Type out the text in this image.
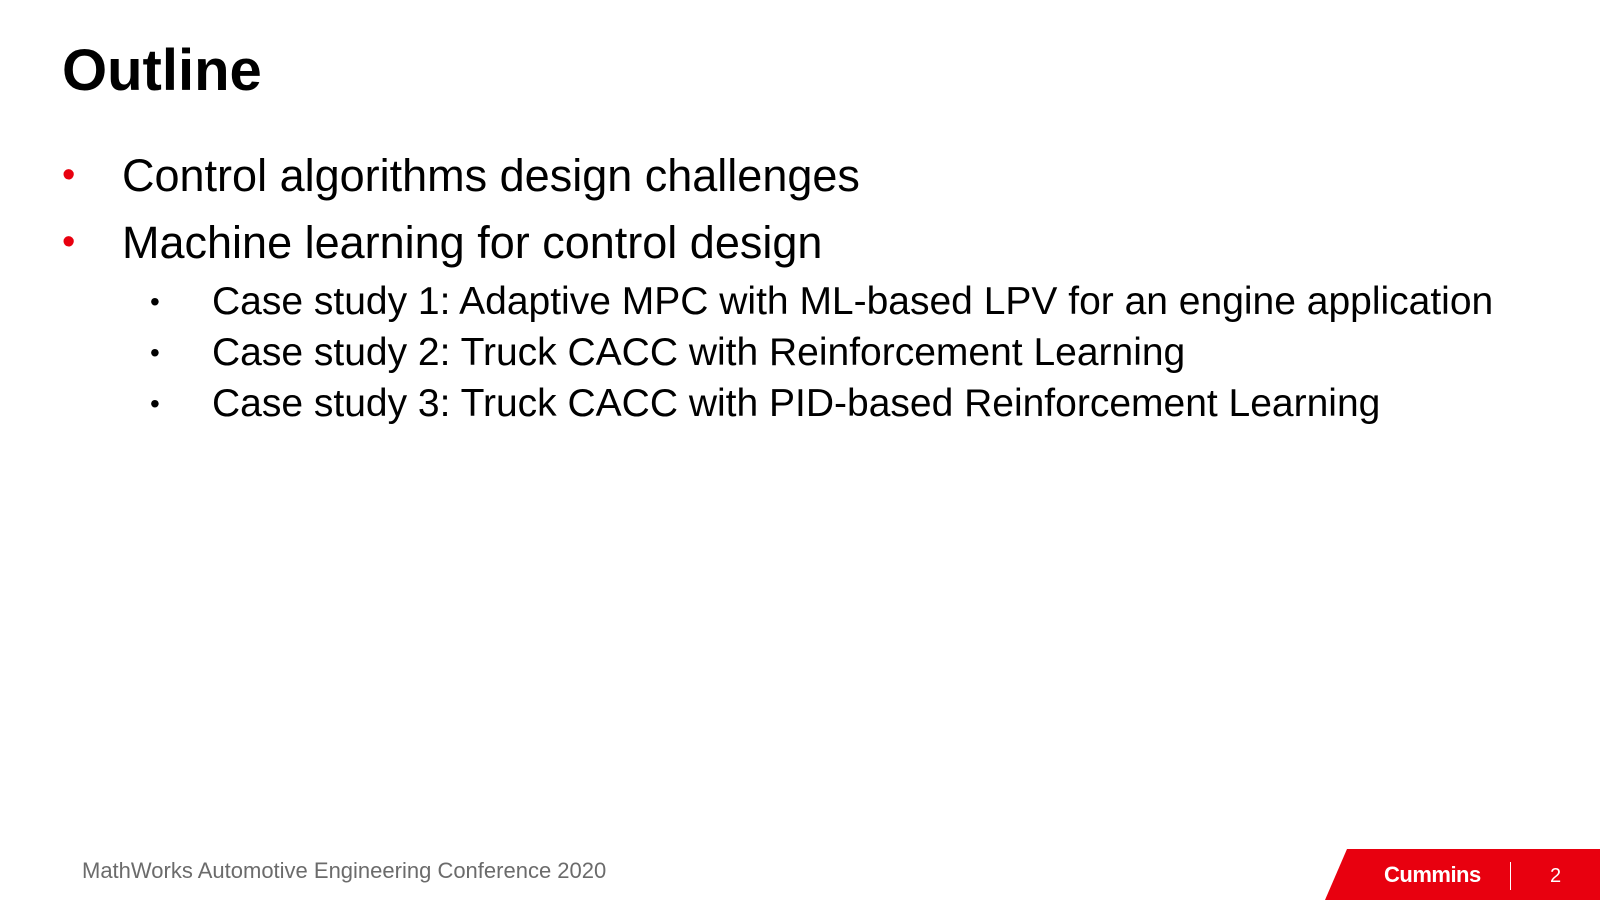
Outline
• Control algorithms design challenges
• Machine learning for control design
• Case study 1: Adaptive MPC with ML-based LPV for an engine application
• Case study 2: Truck CACC with Reinforcement Learning
• Case study 3: Truck CACC with PID-based Reinforcement Learning
MathWorks Automotive Engineering Conference 2020	Cummins	2
